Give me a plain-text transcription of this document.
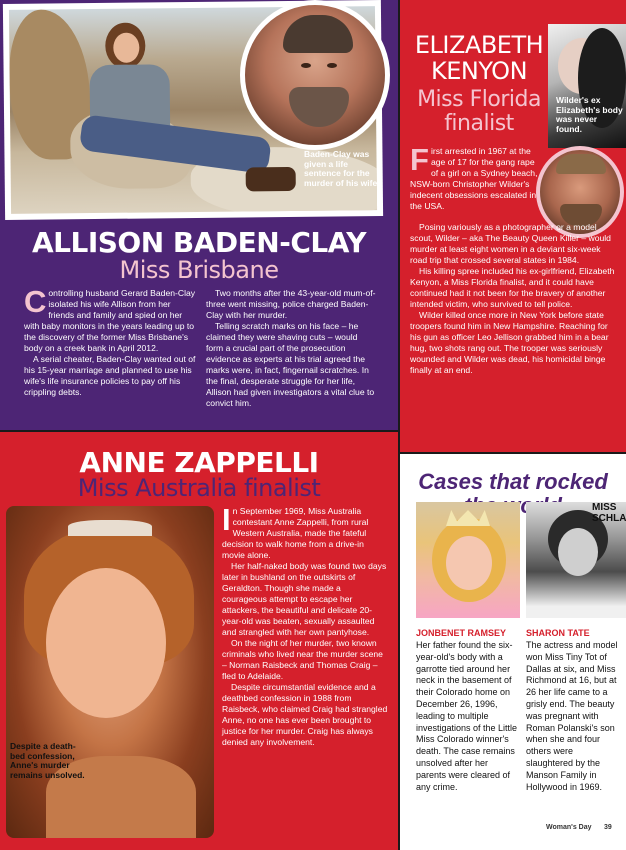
Baden-Clay was given a life sentence for the murder of his wife.
ALLISON BADEN-CLAY
Miss Brisbane

Controlling husband Gerard Baden-Clay isolated his wife Allison from her friends and family and spied on her with baby monitors in the years leading up to the discovery of the former Miss Brisbane's body on a creek bank in April 2012.

A serial cheater, Baden-Clay wanted out of his 15-year marriage and planned to use his wife's life insurance policies to pay off his crippling debts.

Two months after the 43-year-old mum-of-three went missing, police charged Baden-Clay with her murder.

Telling scratch marks on his face – he claimed they were shaving cuts – would form a crucial part of the prosecution evidence as experts at his trial agreed the marks were, in fact, fingernail scratches. In the final, desperate struggle for her life, Allison had given investigators a vital clue to convict him.

ELIZABETH
KENYON
Miss Florida
finalist
Wilder's ex Elizabeth's body was never found.

First arrested in 1967 at the age of 17 for the gang rape of a girl on a Sydney beach, NSW-born Christopher Wilder's indecent obsessions escalated in the USA.

Posing variously as a photographer or a model scout, Wilder – aka The Beauty Queen Killer – would murder at least eight women in a deviant six-week road trip that crossed several states in 1984.

His killing spree included his ex-girlfriend, Elizabeth Kenyon, a Miss Florida finalist, and it could have continued had it not been for the bravery of another intended victim, who survived to tell police.

Wilder killed once more in New York before state troopers found him in New Hampshire. Reaching for his gun as officer Leo Jellison grabbed him in a bear hug, two shots rang out. The trooper was seriously wounded and Wilder was dead, his homicidal binge finally at an end.

ANNE ZAPPELLI
Miss Australia finalist
Despite a death-bed confession, Anne's murder remains unsolved.

In September 1969, Miss Australia contestant Anne Zappelli, from rural Western Australia, made the fateful decision to walk home from a drive-in movie alone.

Her half-naked body was found two days later in bushland on the outskirts of Geraldton. Though she made a courageous attempt to escape her attackers, the beautiful and delicate 20-year-old was beaten, sexually assaulted and strangled with her own pantyhose.

On the night of her murder, two known criminals who lived near the murder scene – Norman Raisbeck and Thomas Craig – fled to Adelaide.

Despite circumstantial evidence and a deathbed confession in 1988 from Raisbeck, who claimed Craig had strangled Anne, no one has ever been brought to justice for her murder. Craig has always denied any involvement.

Cases that rocked
MISS SCHLA
JONBENET RAMSEY
Her father found the six-year-old's body with a garrotte tied around her neck in the basement of their Colorado home on December 26, 1996, leading to multiple investigations of the Little Miss Colorado winner's death. The case remains unsolved after her parents were cleared of any crime.
SHARON TATE
The actress and model won Miss Tiny Tot of Dallas at six, and Miss Richmond at 16, but at 26 her life came to a grisly end. The beauty was pregnant with Roman Polanski's son when she and four others were slaughtered by the Manson Family in Hollywood in 1969.
Woman's Day 39
